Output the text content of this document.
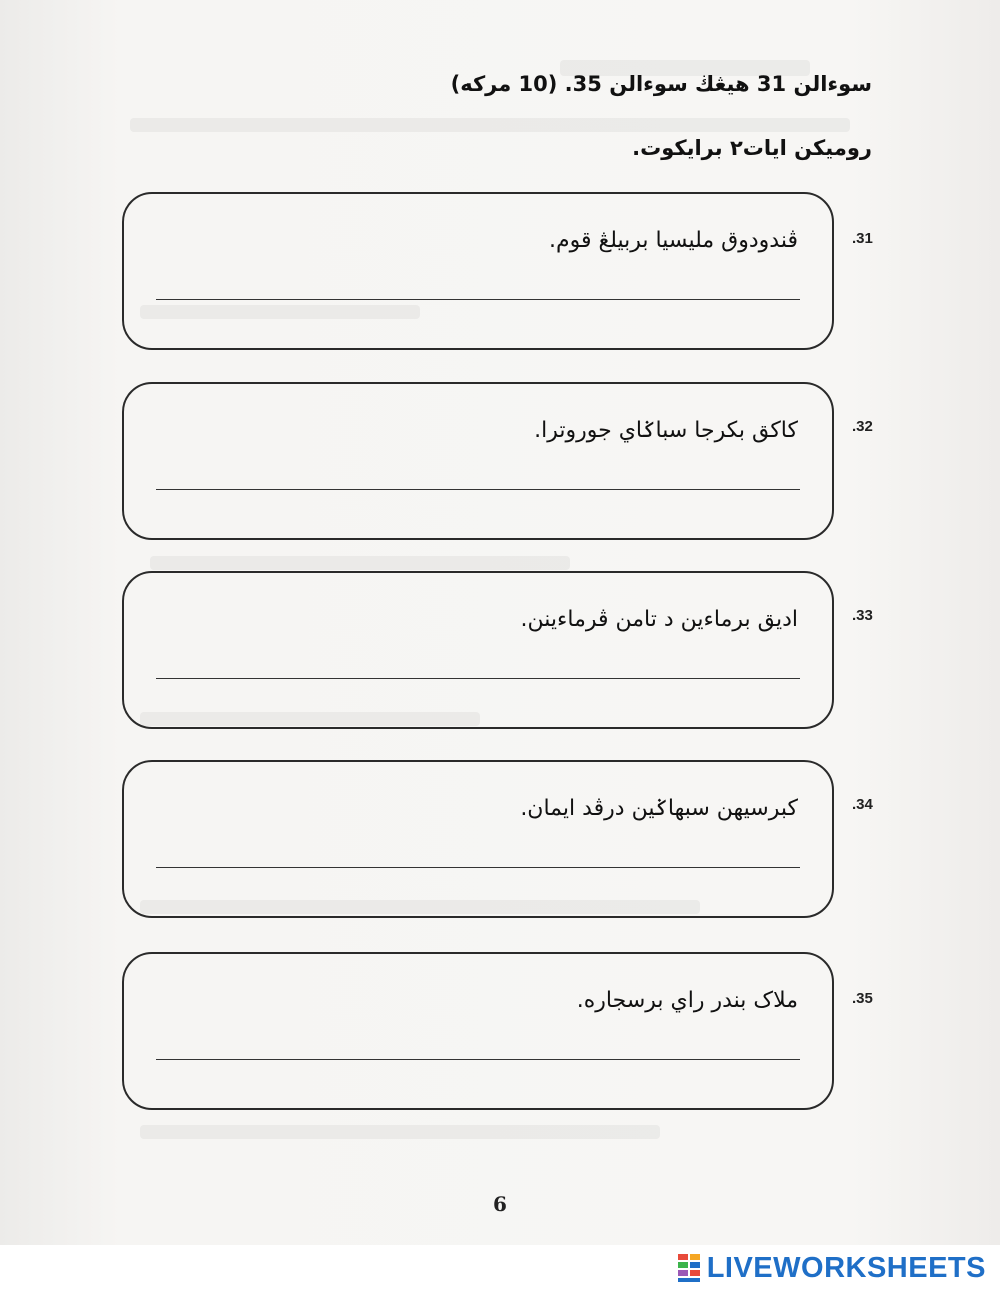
سوءالن 31 هيڠڬ سوءالن 35. (10 مرکه)
روميکن ايات٢ برايکوت.
ڤندودوق مليسيا بربيلڠ قوم.	.31
کاکق بکرجا سباݢاي جوروترا.	.32
اديق برماءين د تامن ڤرماءينن.	.33
کبرسيهن سبهاݢين درڤد ايمان.	.34
ملاک بندر راي برسجاره.	.35
6
LIVEWORKSHEETS
